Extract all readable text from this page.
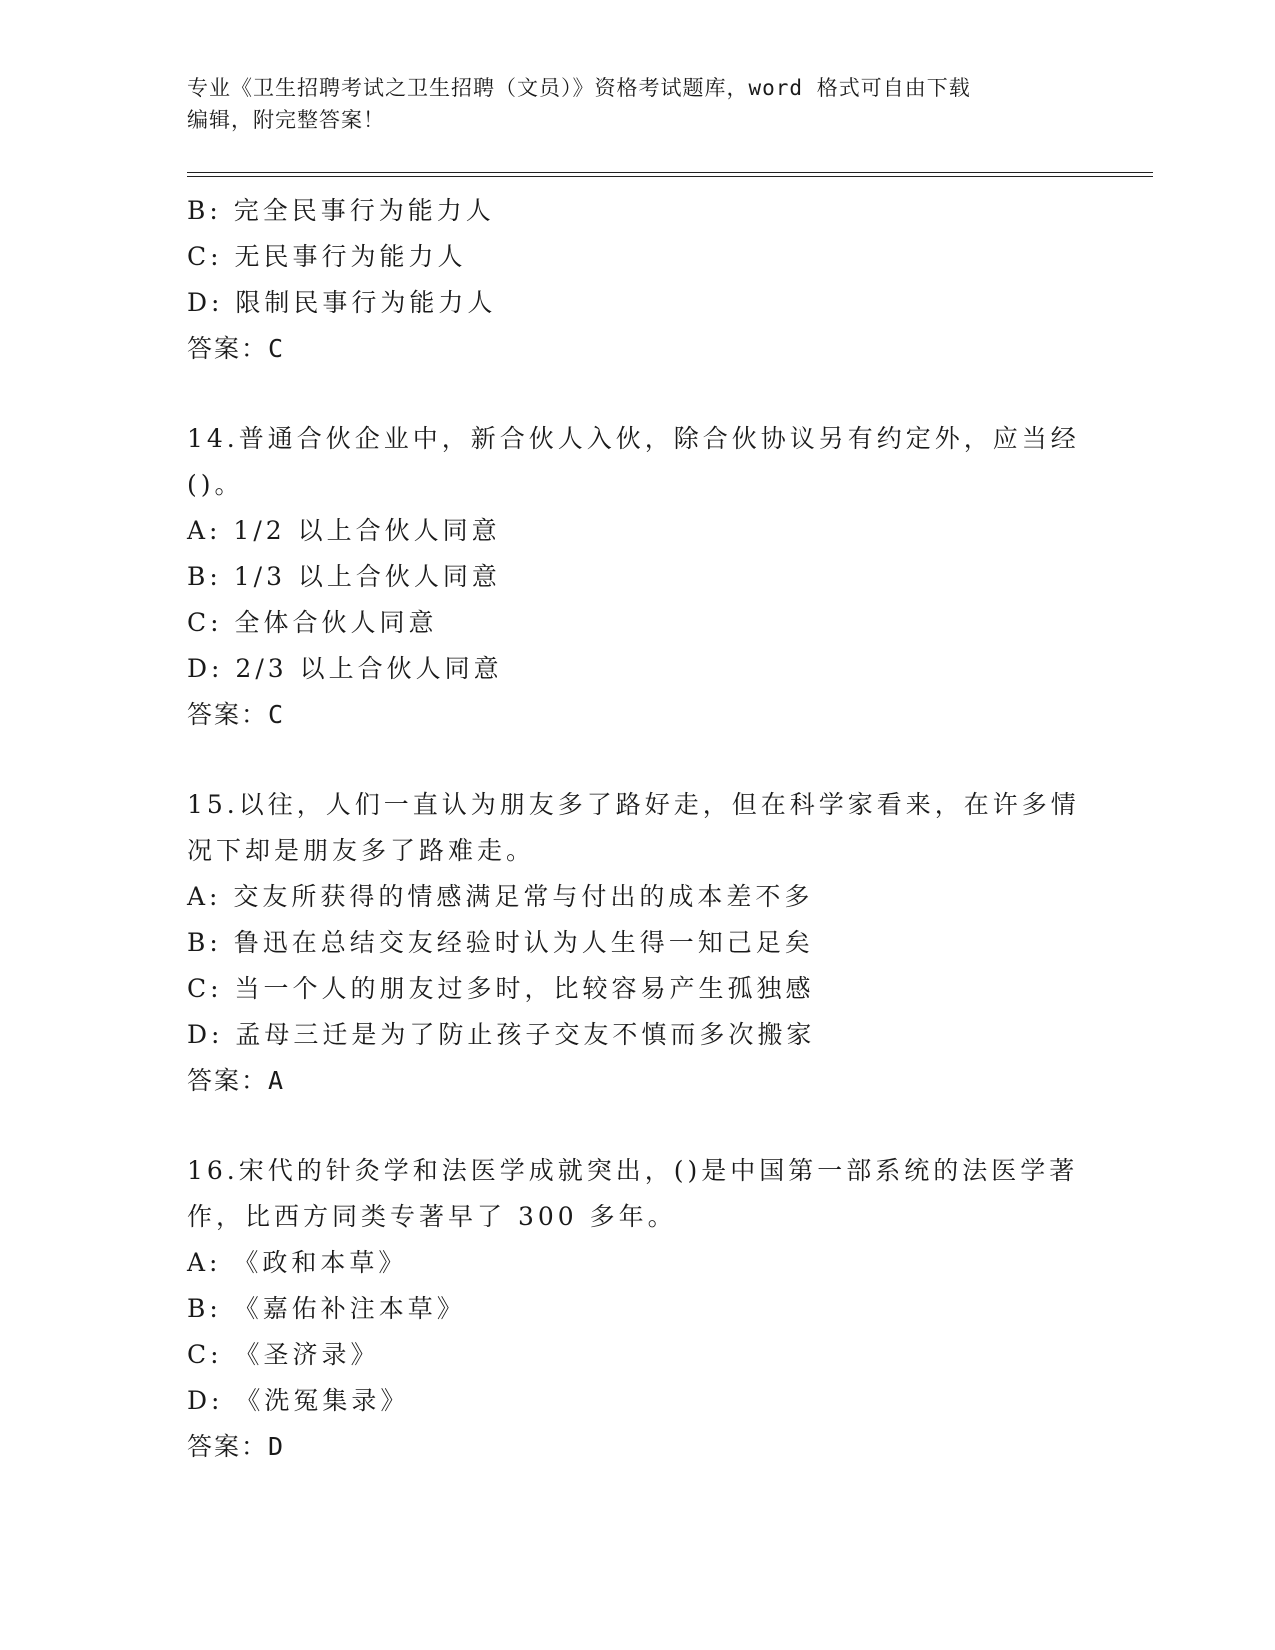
专业《卫生招聘考试之卫生招聘（文员）》资格考试题库，word 格式可自由下载
编辑，附完整答案！
B: 完全民事行为能力人
C: 无民事行为能力人
D: 限制民事行为能力人
答案：C
14.普通合伙企业中，新合伙人入伙，除合伙协议另有约定外，应当经
()。
A: 1/2 以上合伙人同意
B: 1/3 以上合伙人同意
C: 全体合伙人同意
D: 2/3 以上合伙人同意
答案：C
15.以往，人们一直认为朋友多了路好走，但在科学家看来，在许多情
况下却是朋友多了路难走。
A: 交友所获得的情感满足常与付出的成本差不多
B: 鲁迅在总结交友经验时认为人生得一知己足矣
C: 当一个人的朋友过多时，比较容易产生孤独感
D: 孟母三迁是为了防止孩子交友不慎而多次搬家
答案：A
16.宋代的针灸学和法医学成就突出，()是中国第一部系统的法医学著
作，比西方同类专著早了 300 多年。
A: 《政和本草》
B: 《嘉佑补注本草》
C: 《圣济录》
D: 《洗冤集录》
答案：D
